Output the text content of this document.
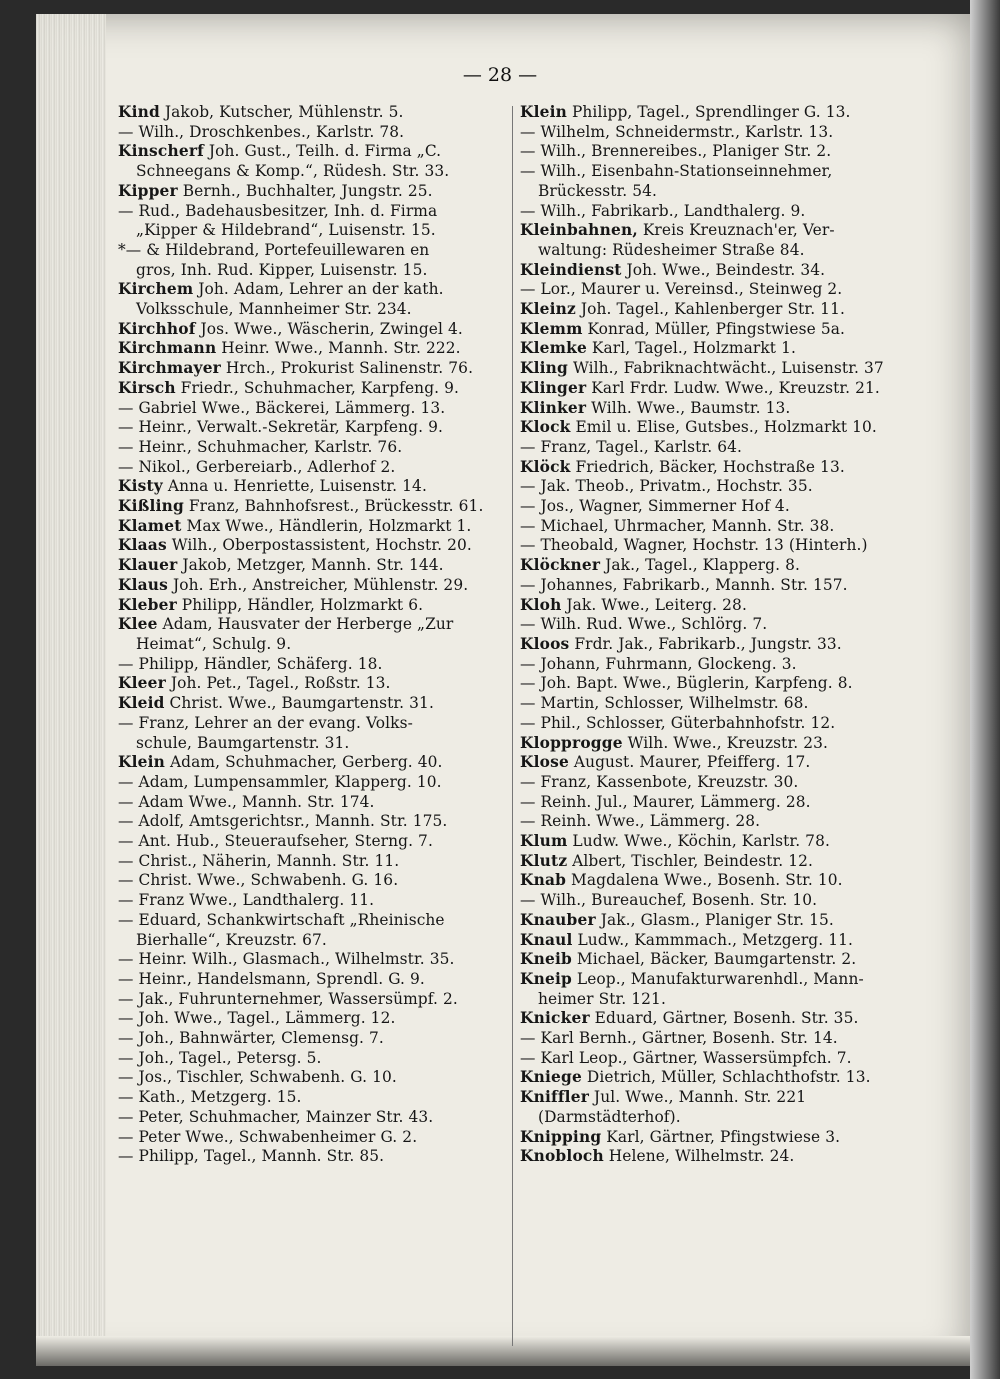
— 28 —
Kind Jakob, Kutscher, Mühlenstr. 5.
— Wilh., Droschkenbes., Karlstr. 78.
Kinscherf Joh. Gust., Teilh. d. Firma „C.
Schneegans & Komp.“, Rüdesh. Str. 33.
Kipper Bernh., Buchhalter, Jungstr. 25.
— Rud., Badehausbesitzer, Inh. d. Firma
„Kipper & Hildebrand“, Luisenstr. 15.
*— & Hildebrand, Portefeuillewaren en
gros, Inh. Rud. Kipper, Luisenstr. 15.
Kirchem Joh. Adam, Lehrer an der kath.
Volksschule, Mannheimer Str. 234.
Kirchhof Jos. Wwe., Wäscherin, Zwingel 4.
Kirchmann Heinr. Wwe., Mannh. Str. 222.
Kirchmayer Hrch., Prokurist Salinenstr. 76.
Kirsch Friedr., Schuhmacher, Karpfeng. 9.
— Gabriel Wwe., Bäckerei, Lämmerg. 13.
— Heinr., Verwalt.-Sekretär, Karpfeng. 9.
— Heinr., Schuhmacher, Karlstr. 76.
— Nikol., Gerbereiarb., Adlerhof 2.
Kisty Anna u. Henriette, Luisenstr. 14.
Kißling Franz, Bahnhofsrest., Brückesstr. 61.
Klamet Max Wwe., Händlerin, Holzmarkt 1.
Klaas Wilh., Oberpostassistent, Hochstr. 20.
Klauer Jakob, Metzger, Mannh. Str. 144.
Klaus Joh. Erh., Anstreicher, Mühlenstr. 29.
Kleber Philipp, Händler, Holzmarkt 6.
Klee Adam, Hausvater der Herberge „Zur
Heimat“, Schulg. 9.
— Philipp, Händler, Schäferg. 18.
Kleer Joh. Pet., Tagel., Roßstr. 13.
Kleid Christ. Wwe., Baumgartenstr. 31.
— Franz, Lehrer an der evang. Volks-
schule, Baumgartenstr. 31.
Klein Adam, Schuhmacher, Gerberg. 40.
— Adam, Lumpensammler, Klapperg. 10.
— Adam Wwe., Mannh. Str. 174.
— Adolf, Amtsgerichtsr., Mannh. Str. 175.
— Ant. Hub., Steueraufseher, Sterng. 7.
— Christ., Näherin, Mannh. Str. 11.
— Christ. Wwe., Schwabenh. G. 16.
— Franz Wwe., Landthalerg. 11.
— Eduard, Schankwirtschaft „Rheinische
Bierhalle“, Kreuzstr. 67.
— Heinr. Wilh., Glasmach., Wilhelmstr. 35.
— Heinr., Handelsmann, Sprendl. G. 9.
— Jak., Fuhrunternehmer, Wassersümpf. 2.
— Joh. Wwe., Tagel., Lämmerg. 12.
— Joh., Bahnwärter, Clemensg. 7.
— Joh., Tagel., Petersg. 5.
— Jos., Tischler, Schwabenh. G. 10.
— Kath., Metzgerg. 15.
— Peter, Schuhmacher, Mainzer Str. 43.
— Peter Wwe., Schwabenheimer G. 2.
— Philipp, Tagel., Mannh. Str. 85.
Klein Philipp, Tagel., Sprendlinger G. 13.
— Wilhelm, Schneidermstr., Karlstr. 13.
— Wilh., Brennereibes., Planiger Str. 2.
— Wilh., Eisenbahn-Stationseinnehmer,
Brückesstr. 54.
— Wilh., Fabrikarb., Landthalerg. 9.
Kleinbahnen, Kreis Kreuznach'er, Ver-
waltung: Rüdesheimer Straße 84.
Kleindienst Joh. Wwe., Beindestr. 34.
— Lor., Maurer u. Vereinsd., Steinweg 2.
Kleinz Joh. Tagel., Kahlenberger Str. 11.
Klemm Konrad, Müller, Pfingstwiese 5a.
Klemke Karl, Tagel., Holzmarkt 1.
Kling Wilh., Fabriknachtwächt., Luisenstr. 37
Klinger Karl Frdr. Ludw. Wwe., Kreuzstr. 21.
Klinker Wilh. Wwe., Baumstr. 13.
Klock Emil u. Elise, Gutsbes., Holzmarkt 10.
— Franz, Tagel., Karlstr. 64.
Klöck Friedrich, Bäcker, Hochstraße 13.
— Jak. Theob., Privatm., Hochstr. 35.
— Jos., Wagner, Simmerner Hof 4.
— Michael, Uhrmacher, Mannh. Str. 38.
— Theobald, Wagner, Hochstr. 13 (Hinterh.)
Klöckner Jak., Tagel., Klapperg. 8.
— Johannes, Fabrikarb., Mannh. Str. 157.
Kloh Jak. Wwe., Leiterg. 28.
— Wilh. Rud. Wwe., Schlörg. 7.
Kloos Frdr. Jak., Fabrikarb., Jungstr. 33.
— Johann, Fuhrmann, Glockeng. 3.
— Joh. Bapt. Wwe., Büglerin, Karpfeng. 8.
— Martin, Schlosser, Wilhelmstr. 68.
— Phil., Schlosser, Güterbahnhofstr. 12.
Klopprogge Wilh. Wwe., Kreuzstr. 23.
Klose August. Maurer, Pfeifferg. 17.
— Franz, Kassenbote, Kreuzstr. 30.
— Reinh. Jul., Maurer, Lämmerg. 28.
— Reinh. Wwe., Lämmerg. 28.
Klum Ludw. Wwe., Köchin, Karlstr. 78.
Klutz Albert, Tischler, Beindestr. 12.
Knab Magdalena Wwe., Bosenh. Str. 10.
— Wilh., Bureauchef, Bosenh. Str. 10.
Knauber Jak., Glasm., Planiger Str. 15.
Knaul Ludw., Kammmach., Metzgerg. 11.
Kneib Michael, Bäcker, Baumgartenstr. 2.
Kneip Leop., Manufakturwarenhdl., Mann-
heimer Str. 121.
Knicker Eduard, Gärtner, Bosenh. Str. 35.
— Karl Bernh., Gärtner, Bosenh. Str. 14.
— Karl Leop., Gärtner, Wassersümpfch. 7.
Kniege Dietrich, Müller, Schlachthofstr. 13.
Kniffler Jul. Wwe., Mannh. Str. 221
(Darmstädterhof).
Knipping Karl, Gärtner, Pfingstwiese 3.
Knobloch Helene, Wilhelmstr. 24.
